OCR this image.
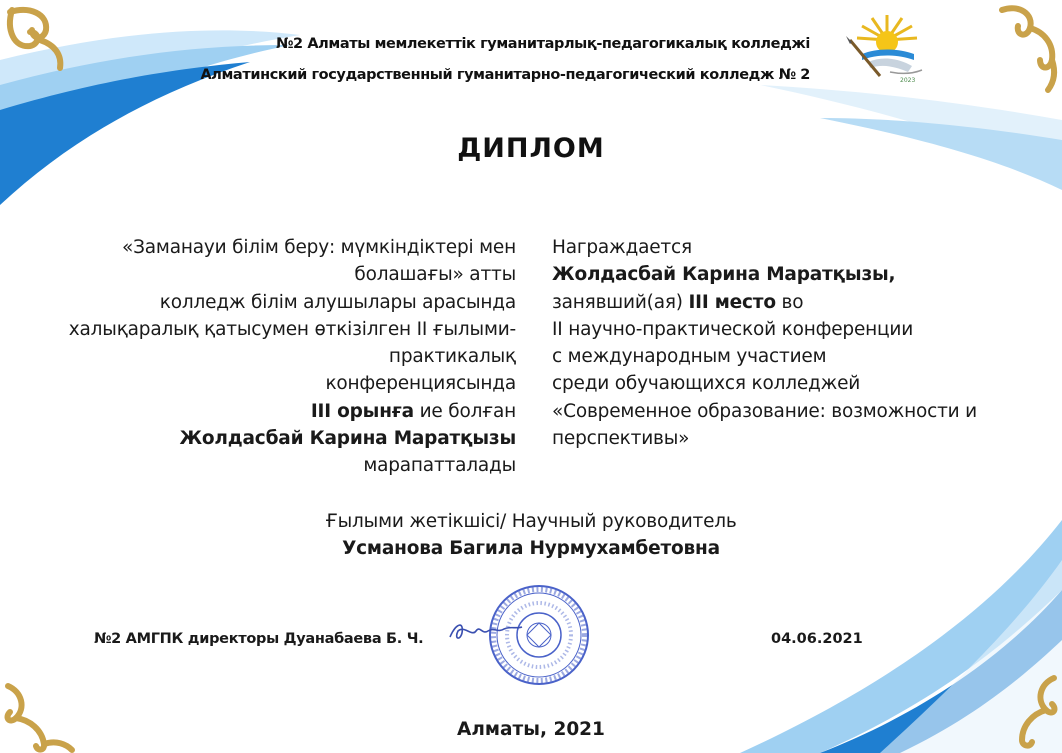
№2 Алматы мемлекеттік гуманитарлық-педагогикалық колледжі
Алматинский государственный гуманитарно-педагогический колледж № 2	2023
ДИПЛОМ
«Заманауи білім беру: мүмкіндіктері мен
болашағы» атты
колледж білім алушылары арасында
халықаралық қатысумен өткізілген ІІ ғылыми-
практикалық
конференциясында
ІІІ орынға ие болған
Жолдасбай Карина Маратқызы
марапатталады
Награждается
Жолдасбай Карина Маратқызы,
занявший(ая) ІІІ место во
ІІ научно-практической конференции
с международным участием
среди обучающихся колледжей
«Современное образование: возможности и
перспективы»
Ғылыми жетікшісі/ Научный руководитель
Усманова Багила Нурмухамбетовна
№2 АМГПК директоры Дуанабаева Б. Ч.	04.06.2021
Алматы, 2021
